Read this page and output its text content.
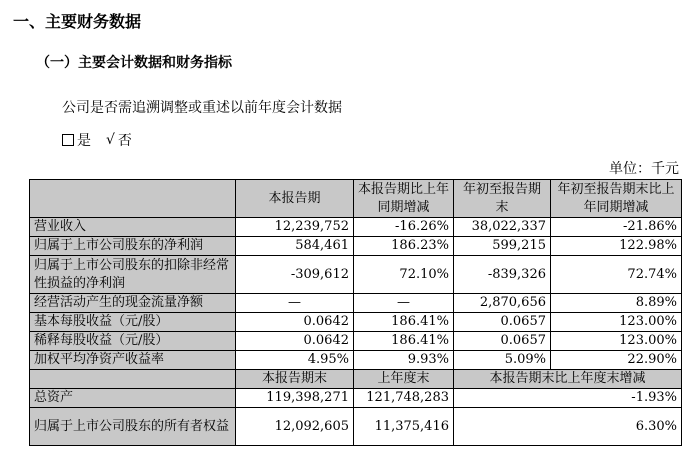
一、主要财务数据
（一）主要会计数据和财务指标
公司是否需追溯调整或重述以前年度会计数据
是 √ 否
单位：千元
	本报告期	本报告期比上年同期增减	年初至报告期末	年初至报告期末比上年同期增减
营业收入	12,239,752	-16.26%	38,022,337	-21.86%
归属于上市公司股东的净利润	584,461	186.23%	599,215	122.98%
归属于上市公司股东的扣除非经常性损益的净利润	-309,612	72.10%	-839,326	72.74%
经营活动产生的现金流量净额	—	—	2,870,656	8.89%
基本每股收益（元/股）	0.0642	186.41%	0.0657	123.00%
稀释每股收益（元/股）	0.0642	186.41%	0.0657	123.00%
加权平均净资产收益率	4.95%	9.93%	5.09%	22.90%
	本报告期末	上年度末	本报告期末比上年度末增减	
总资产	119,398,271	121,748,283	-1.93%	
归属于上市公司股东的所有者权益	12,092,605	11,375,416	6.30%	
